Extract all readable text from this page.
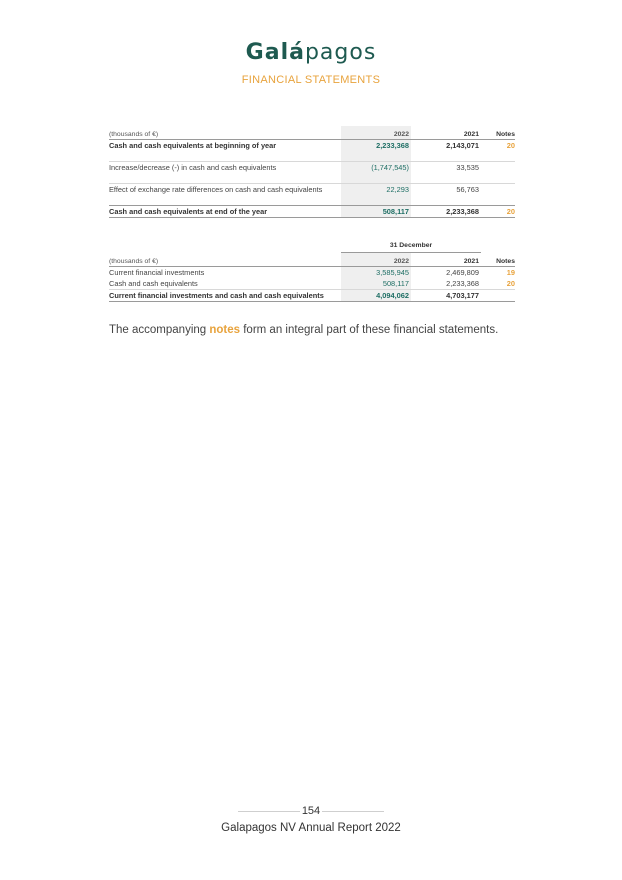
Galápagos
FINANCIAL STATEMENTS
(thousands of €)	2022	2021	Notes
Cash and cash equivalents at beginning of year	2,233,368	2,143,071	20

Increase/decrease (-) in cash and cash equivalents	(1,747,545)	33,535	

Effect of exchange rate differences on cash and cash equivalents	22,293	56,763	

Cash and cash equivalents at end of the year	508,117	2,233,368	20
	31 December		
(thousands of €)	2022	2021	Notes
Current financial investments	3,585,945	2,469,809	19
Cash and cash equivalents	508,117	2,233,368	20
Current financial investments and cash and cash equivalents	4,094,062	4,703,177	
The accompanying notes form an integral part of these financial statements.
154
Galapagos NV Annual Report 2022
